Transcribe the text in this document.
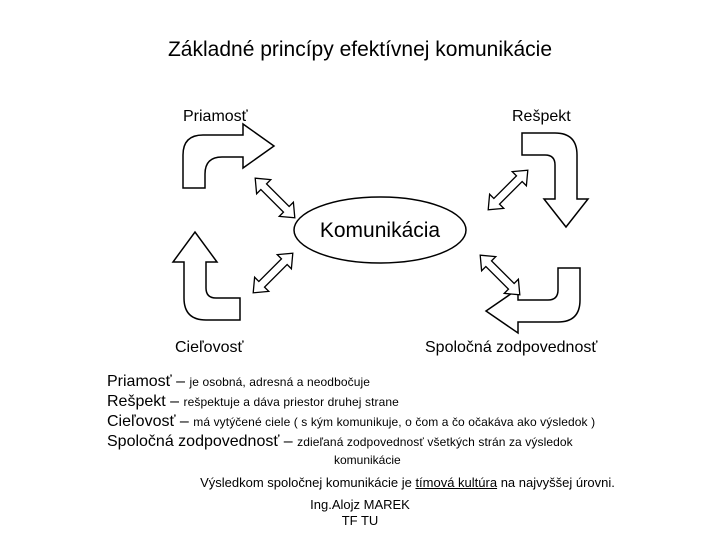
Základné princípy efektívnej komunikácie
Komunikácia
Priamosť	Rešpekt
Cieľovosť	Spoločná zodpovednosť
Priamosť – je osobná, adresná a neodbočuje
Rešpekt – rešpektuje a dáva priestor druhej strane
Cieľovosť – má vytýčené ciele ( s kým komunikuje, o čom a čo očakáva ako výsledok )
Spoločná zodpovednosť – zdieľaná zodpovednosť všetkých strán za výsledok
komunikácie
Výsledkom spoločnej komunikácie je tímová kultúra na najvyššej úrovni.
Ing.Alojz MAREK
TF TU
